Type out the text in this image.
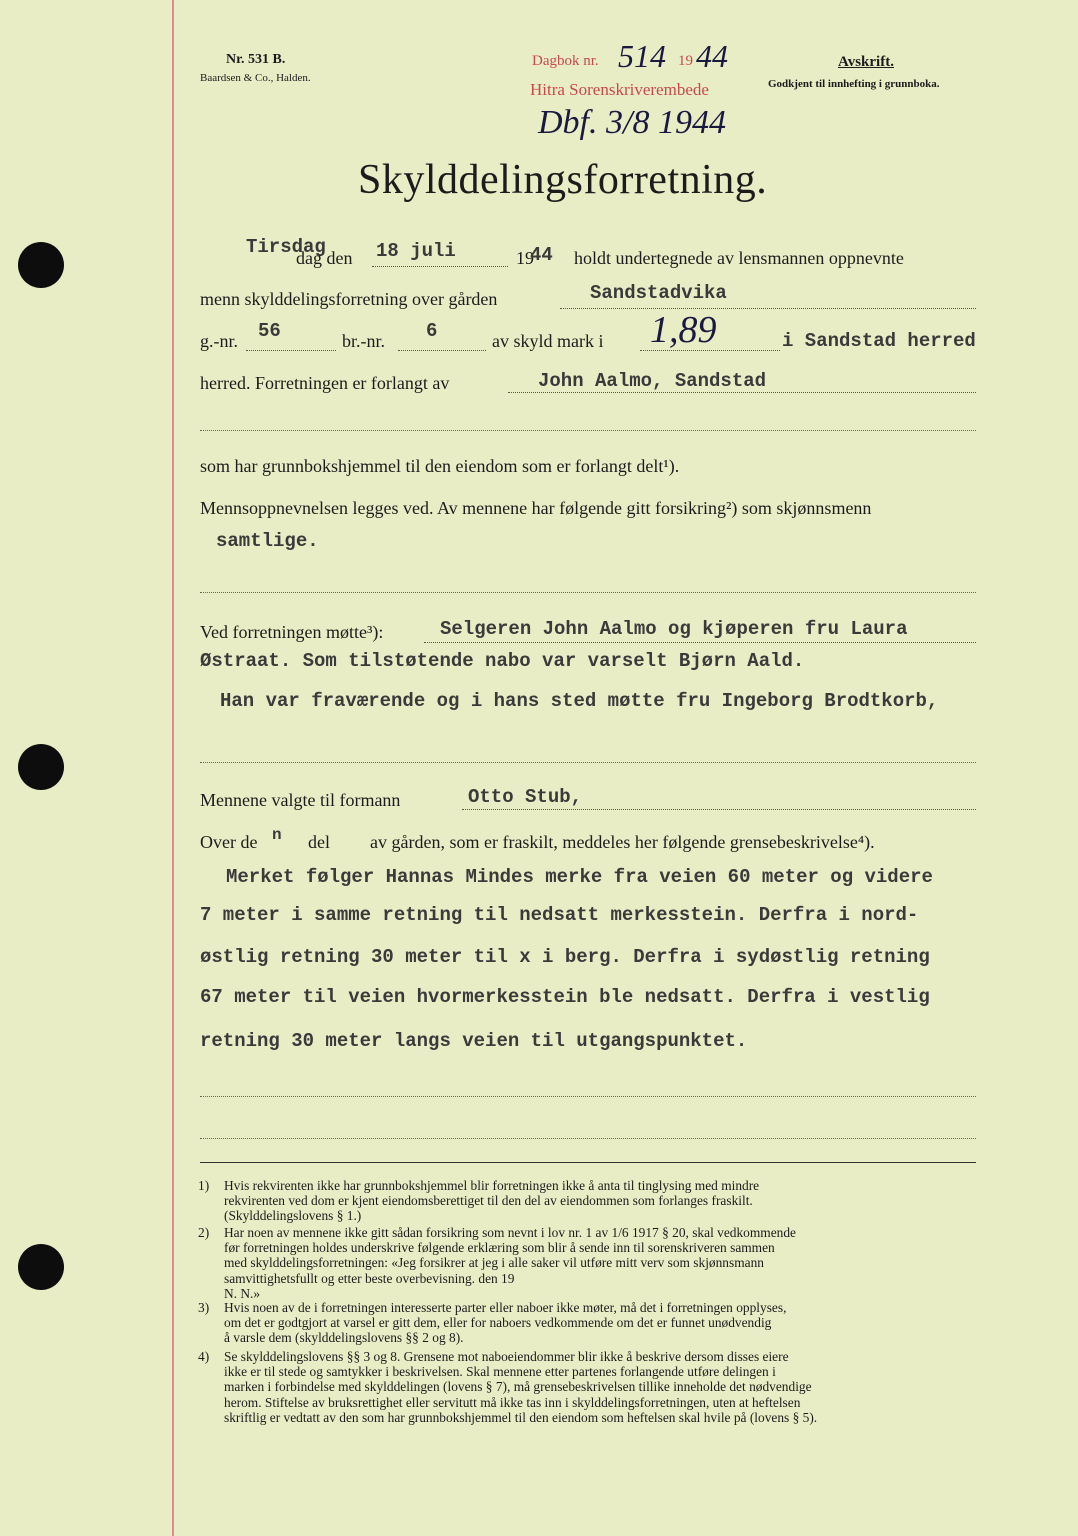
Nr. 531 B.
Baardsen & Co., Halden.
Dagbok nr. 514 19 44
Hitra Sorenskriverembede
Dbf. 3/8 1944
Avskrift.
Godkjent til innhefting i grunnboka.
Skylddelingsforretning.
Tirsdag
dag den 18 juli	19
44 holdt undertegnede av lensmannen oppnevnte
menn skylddelingsforretning over gården	Sandstadvika
g.-nr. 56	br.-nr. 6	av skyld mark i 1,89	i Sandstad herred
herred. Forretningen er forlangt av	John Aalmo, Sandstad
som har grunnbokshjemmel til den eiendom som er forlangt delt¹).
Mennsoppnevnelsen legges ved. Av mennene har følgende gitt forsikring²) som skjønnsmenn
samtlige.
Ved forretningen møtte³):	Selgeren John Aalmo og kjøperen fru Laura
Østraat. Som tilstøtende nabo var varselt Bjørn Aald.
Han var fraværende og i hans sted møtte fru Ingeborg Brodtkorb,
Mennene valgte til formann	Otto Stub,
Over de n del av gården, som er fraskilt, meddeles her følgende grensebeskrivelse⁴).
Merket følger Hannas Mindes merke fra veien 60 meter og videre
7 meter i samme retning til nedsatt merkesstein. Derfra i nord-
østlig retning 30 meter til x i berg. Derfra i sydøstlig retning
67 meter til veien hvormerkesstein ble nedsatt. Derfra i vestlig
retning 30 meter langs veien til utgangspunktet.
1) Hvis rekvirenten ikke har grunnbokshjemmel blir forretningen ikke å anta til tinglysing med mindre
rekvirenten ved dom er kjent eiendomsberettiget til den del av eiendommen som forlanges fraskilt.
(Skylddelingslovens § 1.)
2) Har noen av mennene ikke gitt sådan forsikring som nevnt i lov nr. 1 av 1/6 1917 § 20, skal vedkommende
før forretningen holdes underskrive følgende erklæring som blir å sende inn til sorenskriveren sammen
med skylddelingsforretningen: «Jeg forsikrer at jeg i alle saker vil utføre mitt verv som skjønnsmann
samvittighetsfullt og etter beste overbevisning. den 19
N. N.»
3) Hvis noen av de i forretningen interesserte parter eller naboer ikke møter, må det i forretningen opplyses,
om det er godtgjort at varsel er gitt dem, eller for naboers vedkommende om det er funnet unødvendig
å varsle dem (skylddelingslovens §§ 2 og 8).
4) Se skylddelingslovens §§ 3 og 8. Grensene mot naboeiendommer blir ikke å beskrive dersom disses eiere
ikke er til stede og samtykker i beskrivelsen. Skal mennene etter partenes forlangende utføre delingen i
marken i forbindelse med skylddelingen (lovens § 7), må grensebeskrivelsen tillike inneholde det nødvendige
herom. Stiftelse av bruksrettighet eller servitutt må ikke tas inn i skylddelingsforretningen, uten at heftelsen
skriftlig er vedtatt av den som har grunnbokshjemmel til den eiendom som heftelsen skal hvile på (lovens § 5).
